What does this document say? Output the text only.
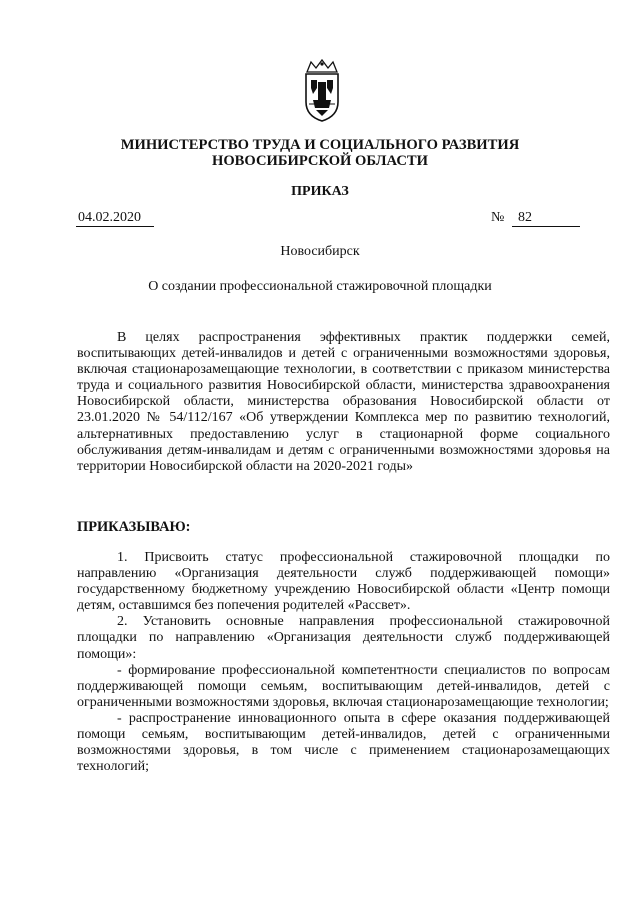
МИНИСТЕРСТВО ТРУДА И СОЦИАЛЬНОГО РАЗВИТИЯ
НОВОСИБИРСКОЙ ОБЛАСТИ
ПРИКАЗ
04.02.2020	№ 82
Новосибирск
О создании профессиональной стажировочной площадки

В целях распространения эффективных практик поддержки семей, воспитывающих детей-инвалидов и детей с ограниченными возможностями здоровья, включая стационарозамещающие технологии, в соответствии с приказом министерства труда и социального развития Новосибирской области, министерства здравоохранения Новосибирской области, министерства образования Новосибирской области от 23.01.2020 № 54/112/167 «Об утверждении Комплекса мер по развитию технологий, альтернативных предоставлению услуг в стационарной форме социального обслуживания детям-инвалидам и детям с ограниченными возможностями здоровья на территории Новосибирской области на 2020-2021 годы»

ПРИКАЗЫВАЮ:

1. Присвоить статус профессиональной стажировочной площадки по направлению «Организация деятельности служб поддерживающей помощи» государственному бюджетному учреждению Новосибирской области «Центр помощи детям, оставшимся без попечения родителей «Рассвет».

2. Установить основные направления профессиональной стажировочной площадки по направлению «Организация деятельности служб поддерживающей помощи»:

- формирование профессиональной компетентности специалистов по вопросам поддерживающей помощи семьям, воспитывающим детей-инвалидов, детей с ограниченными возможностями здоровья, включая стационарозамещающие технологии;

- распространение инновационного опыта в сфере оказания поддерживающей помощи семьям, воспитывающим детей-инвалидов, детей с ограниченными возможностями здоровья, в том числе с применением стационарозамещающих технологий;
